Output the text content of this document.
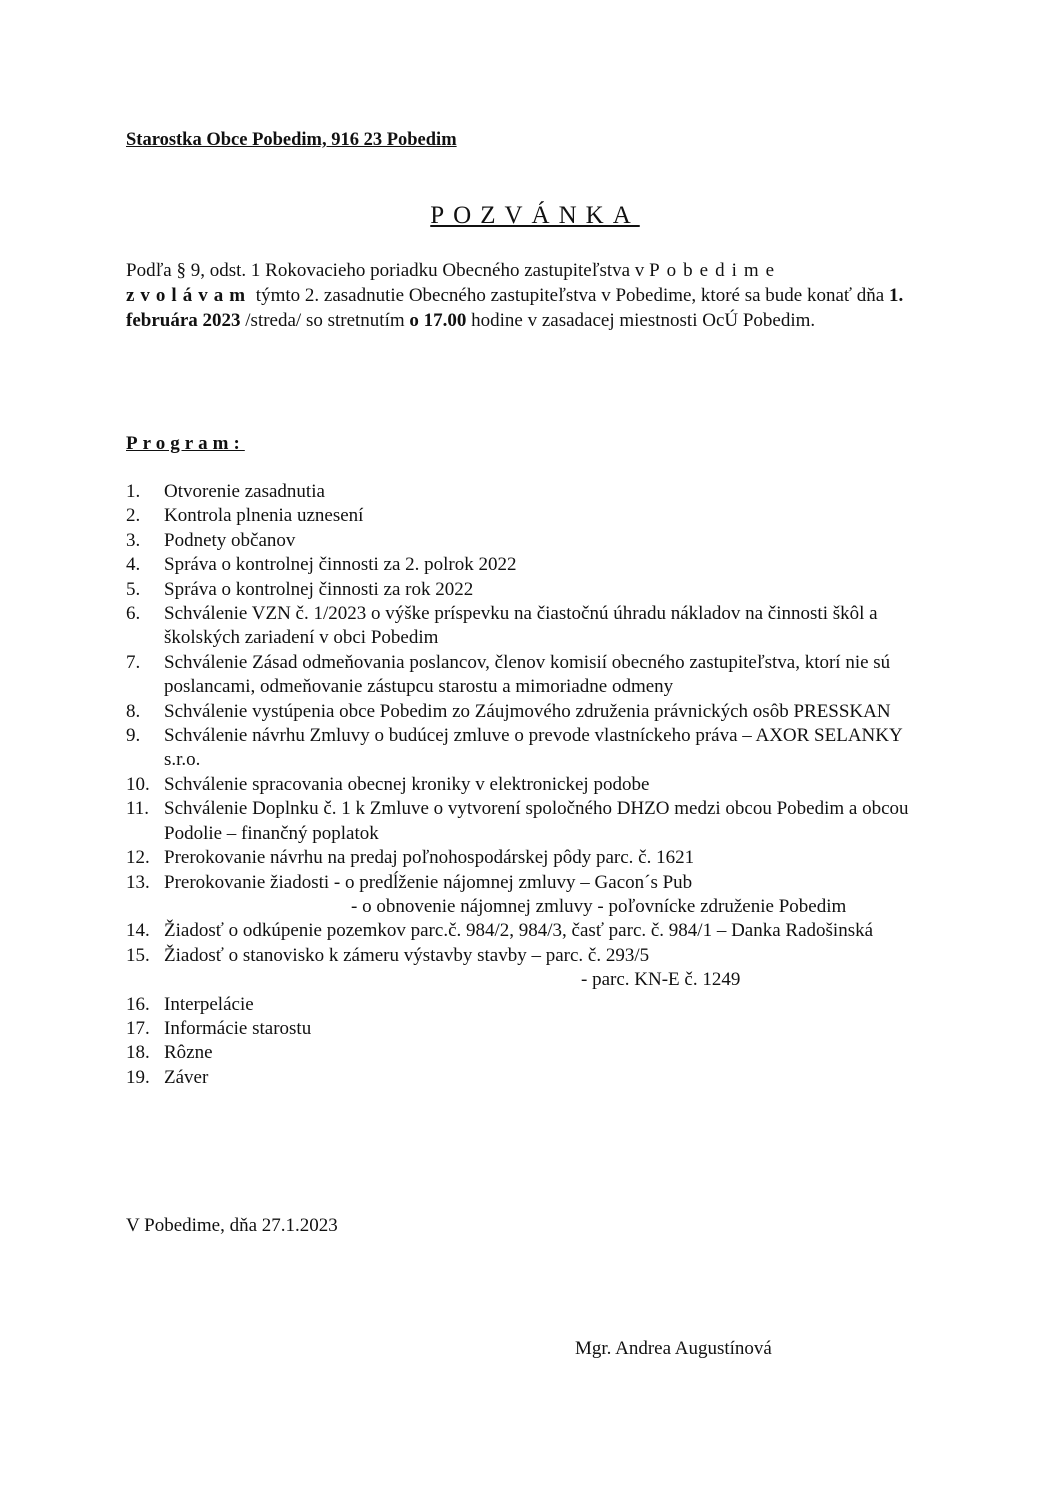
Starostka Obce Pobedim, 916 23 Pobedim
POZVÁNKA
Podľa § 9, odst. 1 Rokovacieho poriadku Obecného zastupiteľstva v Pobedime
zvolávam týmto 2. zasadnutie Obecného zastupiteľstva v Pobedime, ktoré sa bude konať dňa 1. februára 2023 /streda/ so stretnutím o 17.00 hodine v zasadacej miestnosti OcÚ Pobedim.
Program:
1. Otvorenie zasadnutia
2. Kontrola plnenia uznesení
3. Podnety občanov
4. Správa o kontrolnej činnosti za 2. polrok 2022
5. Správa o kontrolnej činnosti za rok 2022
6. Schválenie VZN č. 1/2023 o výške príspevku na čiastočnú úhradu nákladov na činnosti škôl a školských zariadení v obci Pobedim
7. Schválenie Zásad odmeňovania poslancov, členov komisií obecného zastupiteľstva, ktorí nie sú poslancami, odmeňovanie zástupcu starostu a mimoriadne odmeny
8. Schválenie vystúpenia obce Pobedim zo Záujmového združenia právnických osôb PRESSKAN
9. Schválenie návrhu Zmluvy o budúcej zmluve o prevode vlastníckeho práva – AXOR SELANKY s.r.o.
10. Schválenie spracovania obecnej kroniky v elektronickej podobe
11. Schválenie Doplnku č. 1 k Zmluve o vytvorení spoločného DHZO medzi obcou Pobedim a obcou Podolie – finančný poplatok
12. Prerokovanie návrhu na predaj poľnohospodárskej pôdy parc. č. 1621
13. Prerokovanie žiadosti - o predĺženie nájomnej zmluvy – Gacon´s Pub
- o obnovenie nájomnej zmluvy - poľovnícke združenie Pobedim
14. Žiadosť o odkúpenie pozemkov parc.č. 984/2, 984/3, časť parc. č. 984/1 – Danka Radošinská
15. Žiadosť o stanovisko k zámeru výstavby stavby – parc. č. 293/5
- parc. KN-E č. 1249
16. Interpelácie
17. Informácie starostu
18. Rôzne
19. Záver
V Pobedime, dňa 27.1.2023
Mgr. Andrea Augustínová
